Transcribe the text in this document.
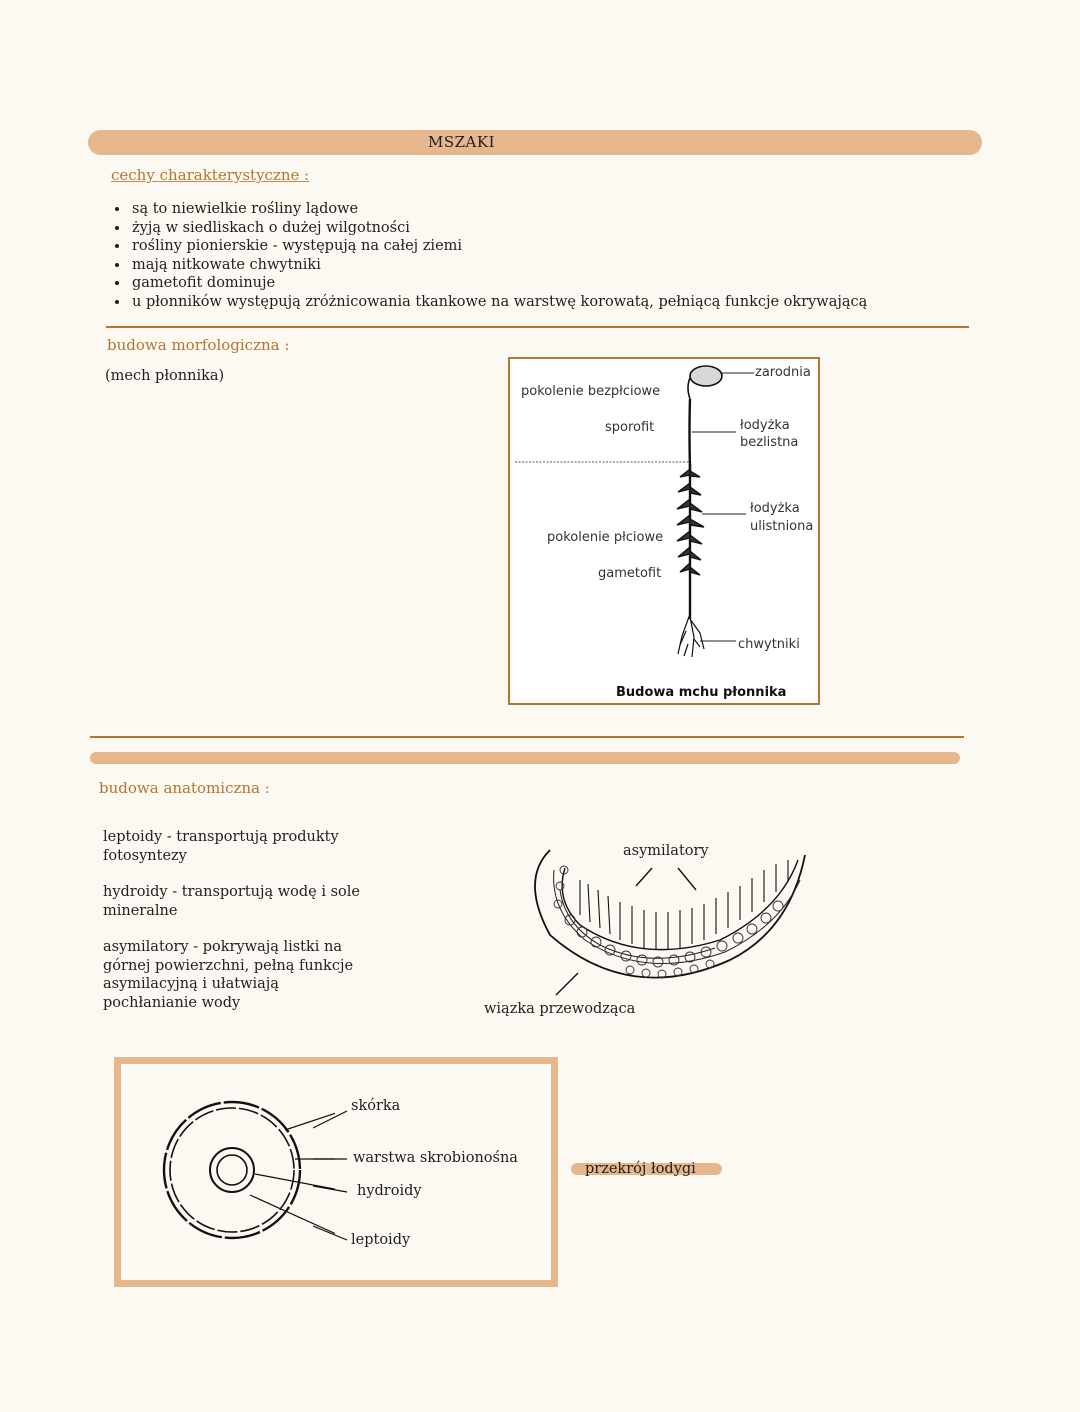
MSZAKI
cechy charakterystyczne :
• są to niewielkie rośliny lądowe
• żyją w siedliskach o dużej wilgotności
• rośliny pionierskie - występują na całej ziemi
• mają nitkowate chwytniki
• gametofit dominuje
• u płonników występują zróżnicowania tkankowe na warstwę korowatą, pełniącą funkcje okrywającą
budowa morfologiczna :
(mech płonnika)
pokolenie bezpłciowe
sporofit
pokolenie płciowe
gametofit
zarodnia
łodyżka
bezlistna
łodyżka
ulistniona
chwytniki
Budowa mchu płonnika
budowa anatomiczna :
leptoidy - transportują produkty fotosyntezy
hydroidy - transportują wodę i sole mineralne
asymilatory - pokrywają listki na górnej powierzchni, pełną funkcje asymilacyjną i ułatwiają pochłanianie wody
asymilatory
wiązka przewodząca
skórka
warstwa skrobionośna
hydroidy
leptoidy
przekrój łodygi
